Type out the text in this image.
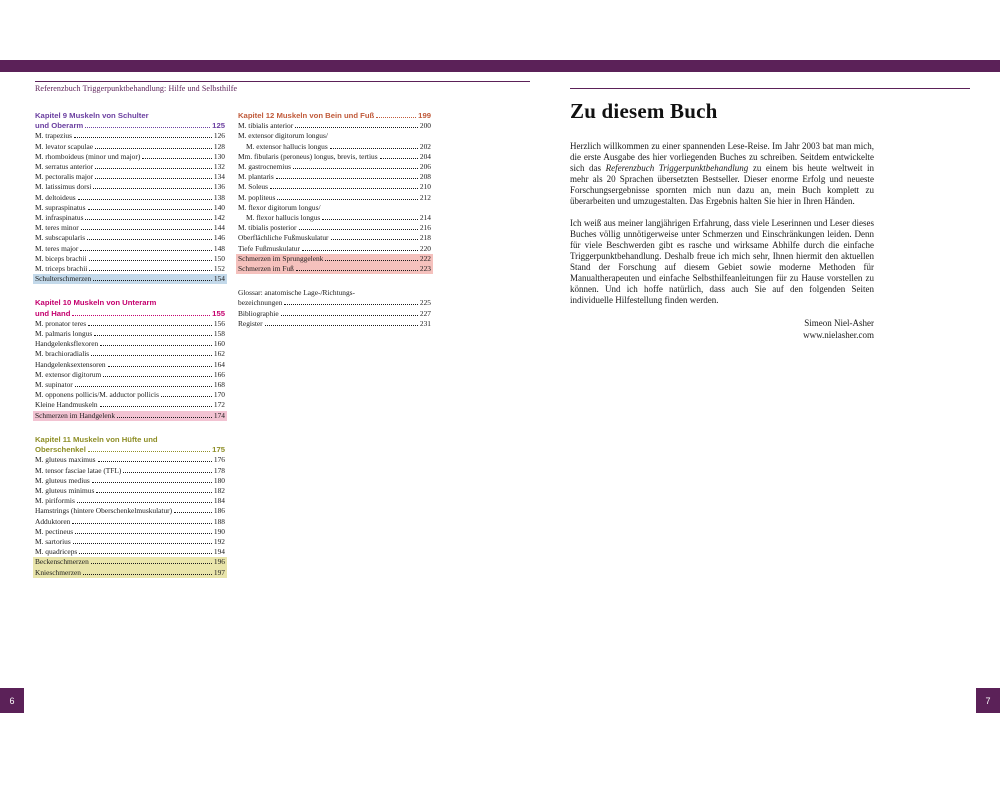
Referenzbuch Triggerpunktbehandlung: Hilfe und Selbsthilfe
Kapitel 9 Muskeln von Schulter
und Oberarm	125
M. trapezius	126
M. levator scapulae	128
M. rhomboideus (minor und major)	130
M. serratus anterior	132
M. pectoralis major	134
M. latissimus dorsi	136
M. deltoideus	138
M. supraspinatus	140
M. infraspinatus	142
M. teres minor	144
M. subscapularis	146
M. teres major	148
M. biceps brachii	150
M. triceps brachii	152
Schulterschmerzen	154
Kapitel 10 Muskeln von Unterarm
und Hand	155
M. pronator teres	156
M. palmaris longus	158
Handgelenksflexoren	160
M. brachioradialis	162
Handgelenksextensoren	164
M. extensor digitorum	166
M. supinator	168
M. opponens pollicis/M. adductor pollicis	170
Kleine Handmuskeln	172
Schmerzen im Handgelenk	174
Kapitel 11 Muskeln von Hüfte und
Oberschenkel	175
M. gluteus maximus	176
M. tensor fasciae latae (TFL)	178
M. gluteus medius	180
M. gluteus minimus	182
M. piriformis	184
Hamstrings (hintere Oberschenkelmuskulatur)	186
Adduktoren	188
M. pectineus	190
M. sartorius	192
M. quadriceps	194
Beckenschmerzen	196
Knieschmerzen	197
Kapitel 12 Muskeln von Bein und Fuß	199
M. tibialis anterior	200
M. extensor digitorum longus/
M. extensor hallucis longus	202
Mm. fibularis (peroneus) longus, brevis, tertius	204
M. gastrocnemius	206
M. plantaris	208
M. Soleus	210
M. popliteus	212
M. flexor digitorum longus/
M. flexor hallucis longus	214
M. tibialis posterior	216
Oberflächliche Fußmuskulatur	218
Tiefe Fußmuskulatur	220
Schmerzen im Sprunggelenk	222
Schmerzen im Fuß	223
Glossar: anatomische Lage-/Richtungs-
bezeichnungen	225
Bibliographie	227
Register	231
Zu diesem Buch

Herzlich willkommen zu einer spannenden Lese-Reise. Im Jahr 2003 bat man mich, die erste Ausgabe des hier vorliegenden Buches zu schreiben. Seitdem entwickelte sich das Referenzbuch Triggerpunktbehandlung zu einem bis heute weltweit in mehr als 20 Sprachen übersetzten Bestseller. Dieser enorme Erfolg und neueste Forschungsergebnisse spornten mich nun dazu an, mein Buch komplett zu überarbeiten und umzugestalten. Das Ergebnis halten Sie hier in Ihren Händen.

Ich weiß aus meiner langjährigen Erfahrung, dass viele Leserinnen und Leser dieses Buches völlig unnötigerweise unter Schmerzen und Einschränkungen leiden. Denn für viele Beschwerden gibt es rasche und wirksame Abhilfe durch die einfache Triggerpunktbehandlung. Deshalb freue ich mich sehr, Ihnen hiermit den aktuellen Stand der Forschung auf diesem Gebiet sowie moderne Methoden für Manualtherapeuten und einfache Selbsthilfeanleitungen für zu Hause vorstellen zu können. Und ich hoffe natürlich, dass auch Sie auf den folgenden Seiten individuelle Hilfestellung finden werden.

Simeon Niel-Asher
www.nielasher.com
6	7
